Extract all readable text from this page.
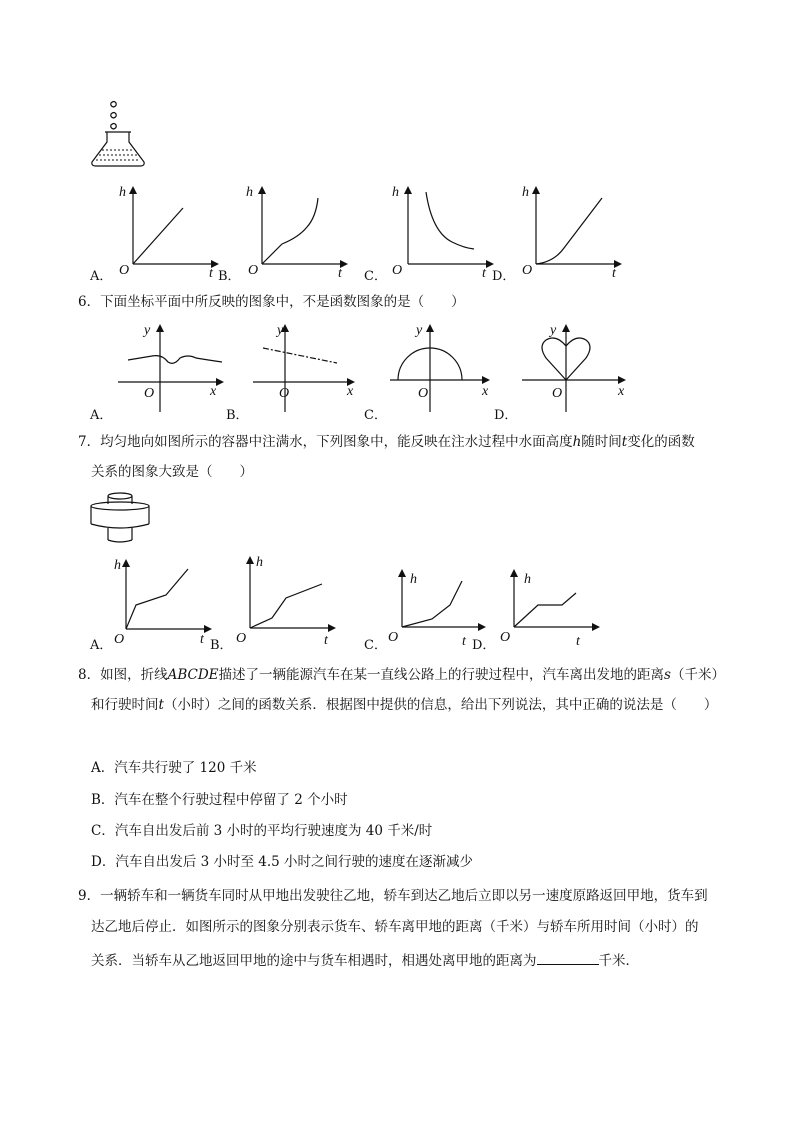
A．
h
O	t B．
h
O	t C．
h
O	t D．
h
O	t
6．下面坐标平面中所反映的图象中，不是函数图象的是（　　）
A．
y
O	x
B．
y
O	x
C．
y
O	x
D．
y
O	x
7．均匀地向如图所示的容器中注满水，下列图象中，能反映在注水过程中水面高度h随时间t变化的函数
关系的图象大致是（　　）
A．
h
O	t B．
h
O	t	C．
h
O	t D．
h
O	t
8．如图，折线ABCDE描述了一辆能源汽车在某一直线公路上的行驶过程中，汽车离出发地的距离s（千米）
和行驶时间t（小时）之间的函数关系．根据图中提供的信息，给出下列说法，其中正确的说法是（　　）
A．汽车共行驶了 120 千米
B．汽车在整个行驶过程中停留了 2 个小时
C．汽车自出发后前 3 小时的平均行驶速度为 40 千米/时
D．汽车自出发后 3 小时至 4.5 小时之间行驶的速度在逐渐减少
9．一辆轿车和一辆货车同时从甲地出发驶往乙地，轿车到达乙地后立即以另一速度原路返回甲地，货车到
达乙地后停止．如图所示的图象分别表示货车、轿车离甲地的距离（千米）与轿车所用时间（小时）的
关系．当轿车从乙地返回甲地的途中与货车相遇时，相遇处离甲地的距离为	千米．
